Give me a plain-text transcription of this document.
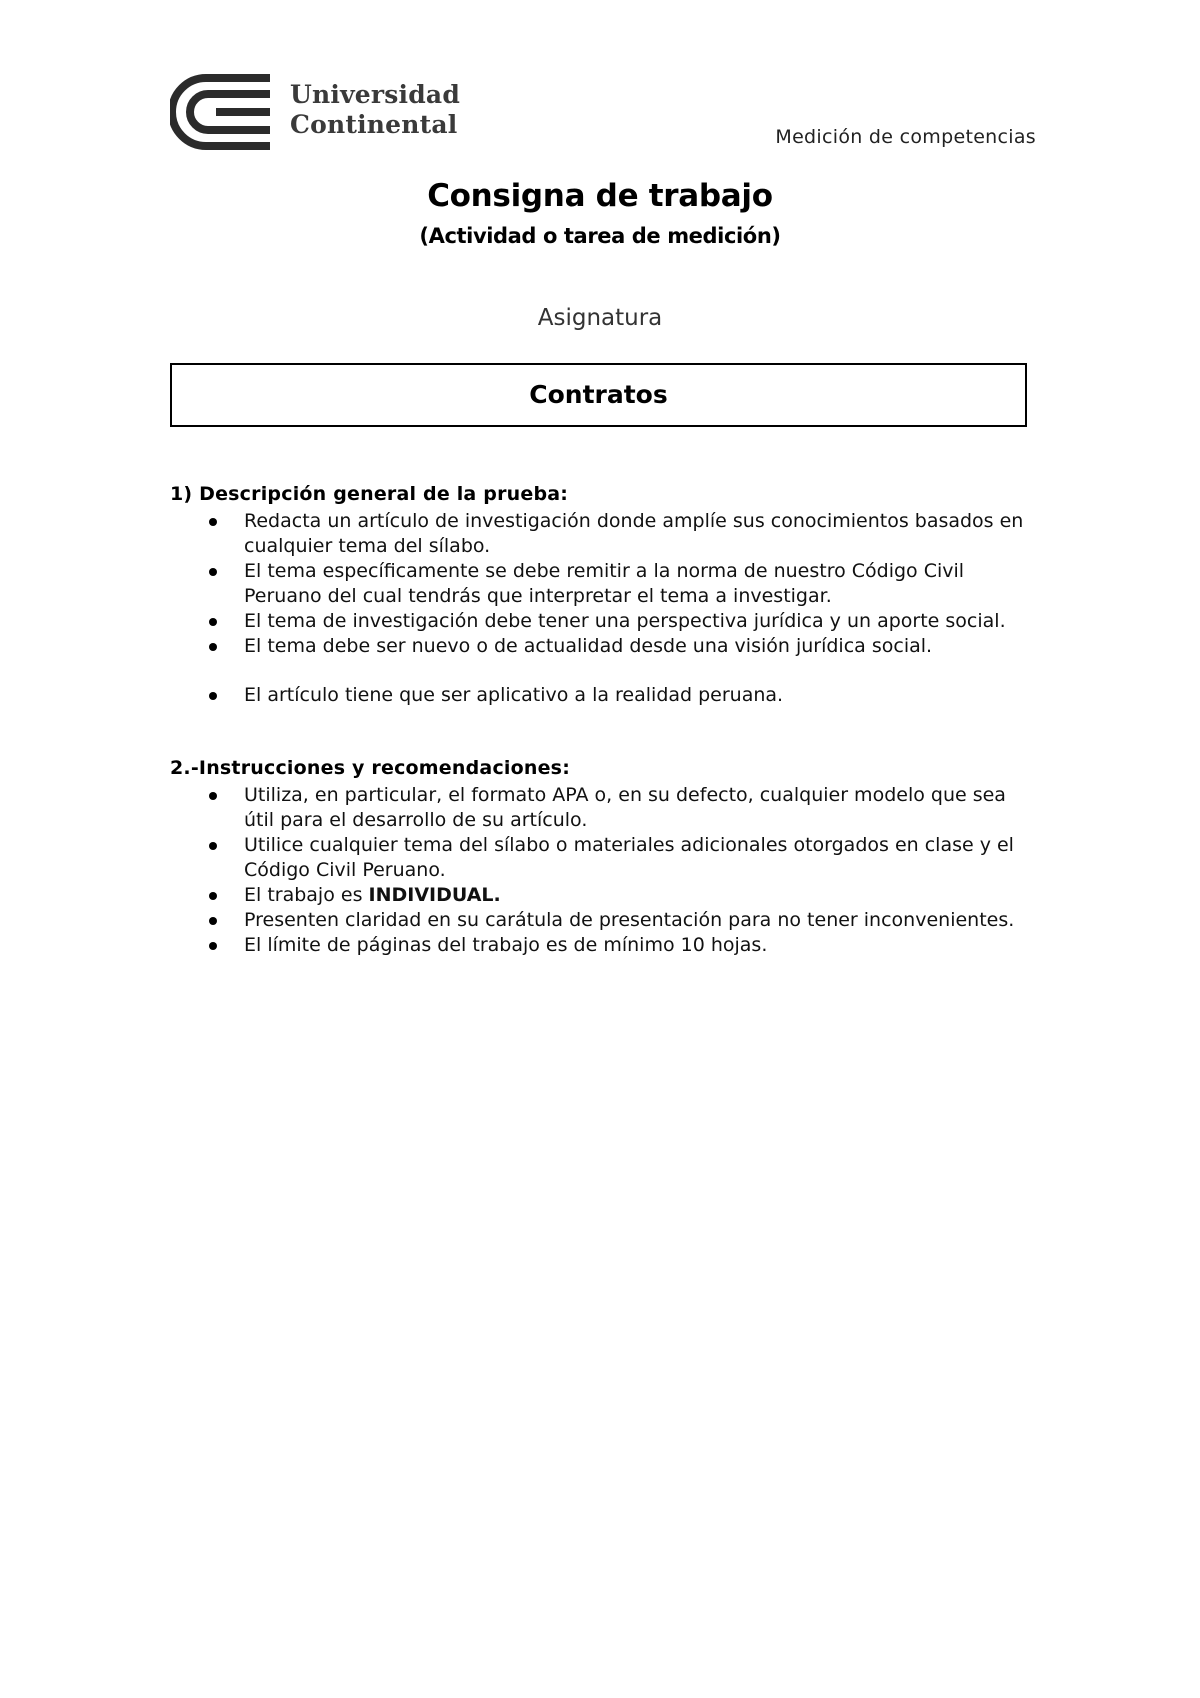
Universidad
Continental	Medición de competencias
Consigna de trabajo
(Actividad o tarea de medición)
Asignatura
Contratos
1) Descripción general de la prueba:
Redacta un artículo de investigación donde amplíe sus conocimientos basados en cualquier tema del sílabo.
El tema específicamente se debe remitir a la norma de nuestro Código Civil Peruano del cual tendrás que interpretar el tema a investigar.
El tema de investigación debe tener una perspectiva jurídica y un aporte social.
El tema debe ser nuevo o de actualidad desde una visión jurídica social.
El artículo tiene que ser aplicativo a la realidad peruana.
2.-Instrucciones y recomendaciones:
Utiliza, en particular, el formato APA o, en su defecto, cualquier modelo que sea útil para el desarrollo de su artículo.
Utilice cualquier tema del sílabo o materiales adicionales otorgados en clase y el Código Civil Peruano.
El trabajo es INDIVIDUAL.
Presenten claridad en su carátula de presentación para no tener inconvenientes.
El límite de páginas del trabajo es de mínimo 10 hojas.
